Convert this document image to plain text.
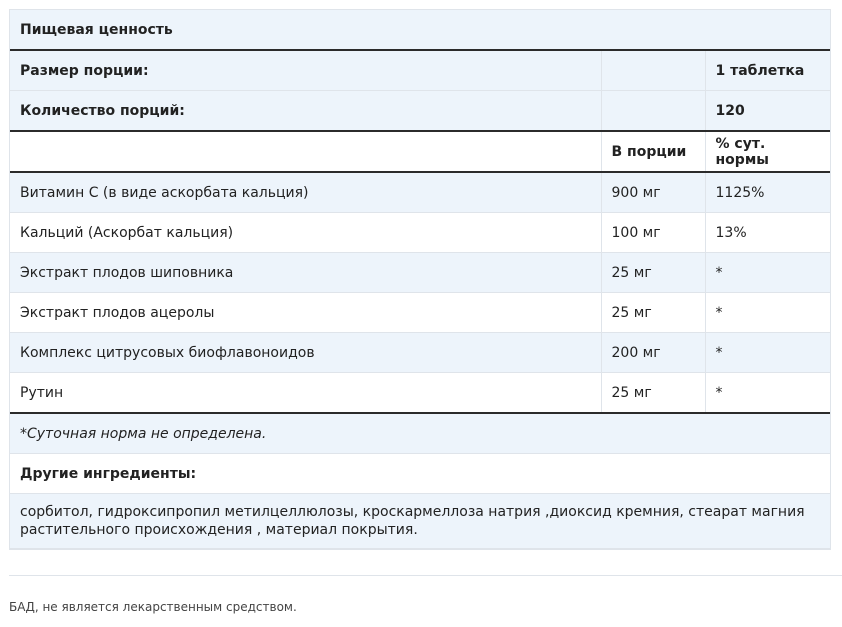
Пищевая ценность		
Размер порции:		1 таблетка
Количество порций:		120
	В порции	% сут. нормы
Витамин С (в виде аскорбата кальция)	900 мг	1125%
Кальций (Аскорбат кальция)	100 мг	13%
Экстракт плодов шиповника	25 мг	*
Экстракт плодов ацеролы	25 мг	*
Комплекс цитрусовых биофлавоноидов	200 мг	*
Рутин	25 мг	*
*Суточная норма не определена.		
Другие ингредиенты:		
сорбитол, гидроксипропил метилцеллюлозы, кроскармеллоза натрия ,диоксид кремния, стеарат магния растительного происхождения , материал покрытия.		
БАД, не является лекарственным средством.
